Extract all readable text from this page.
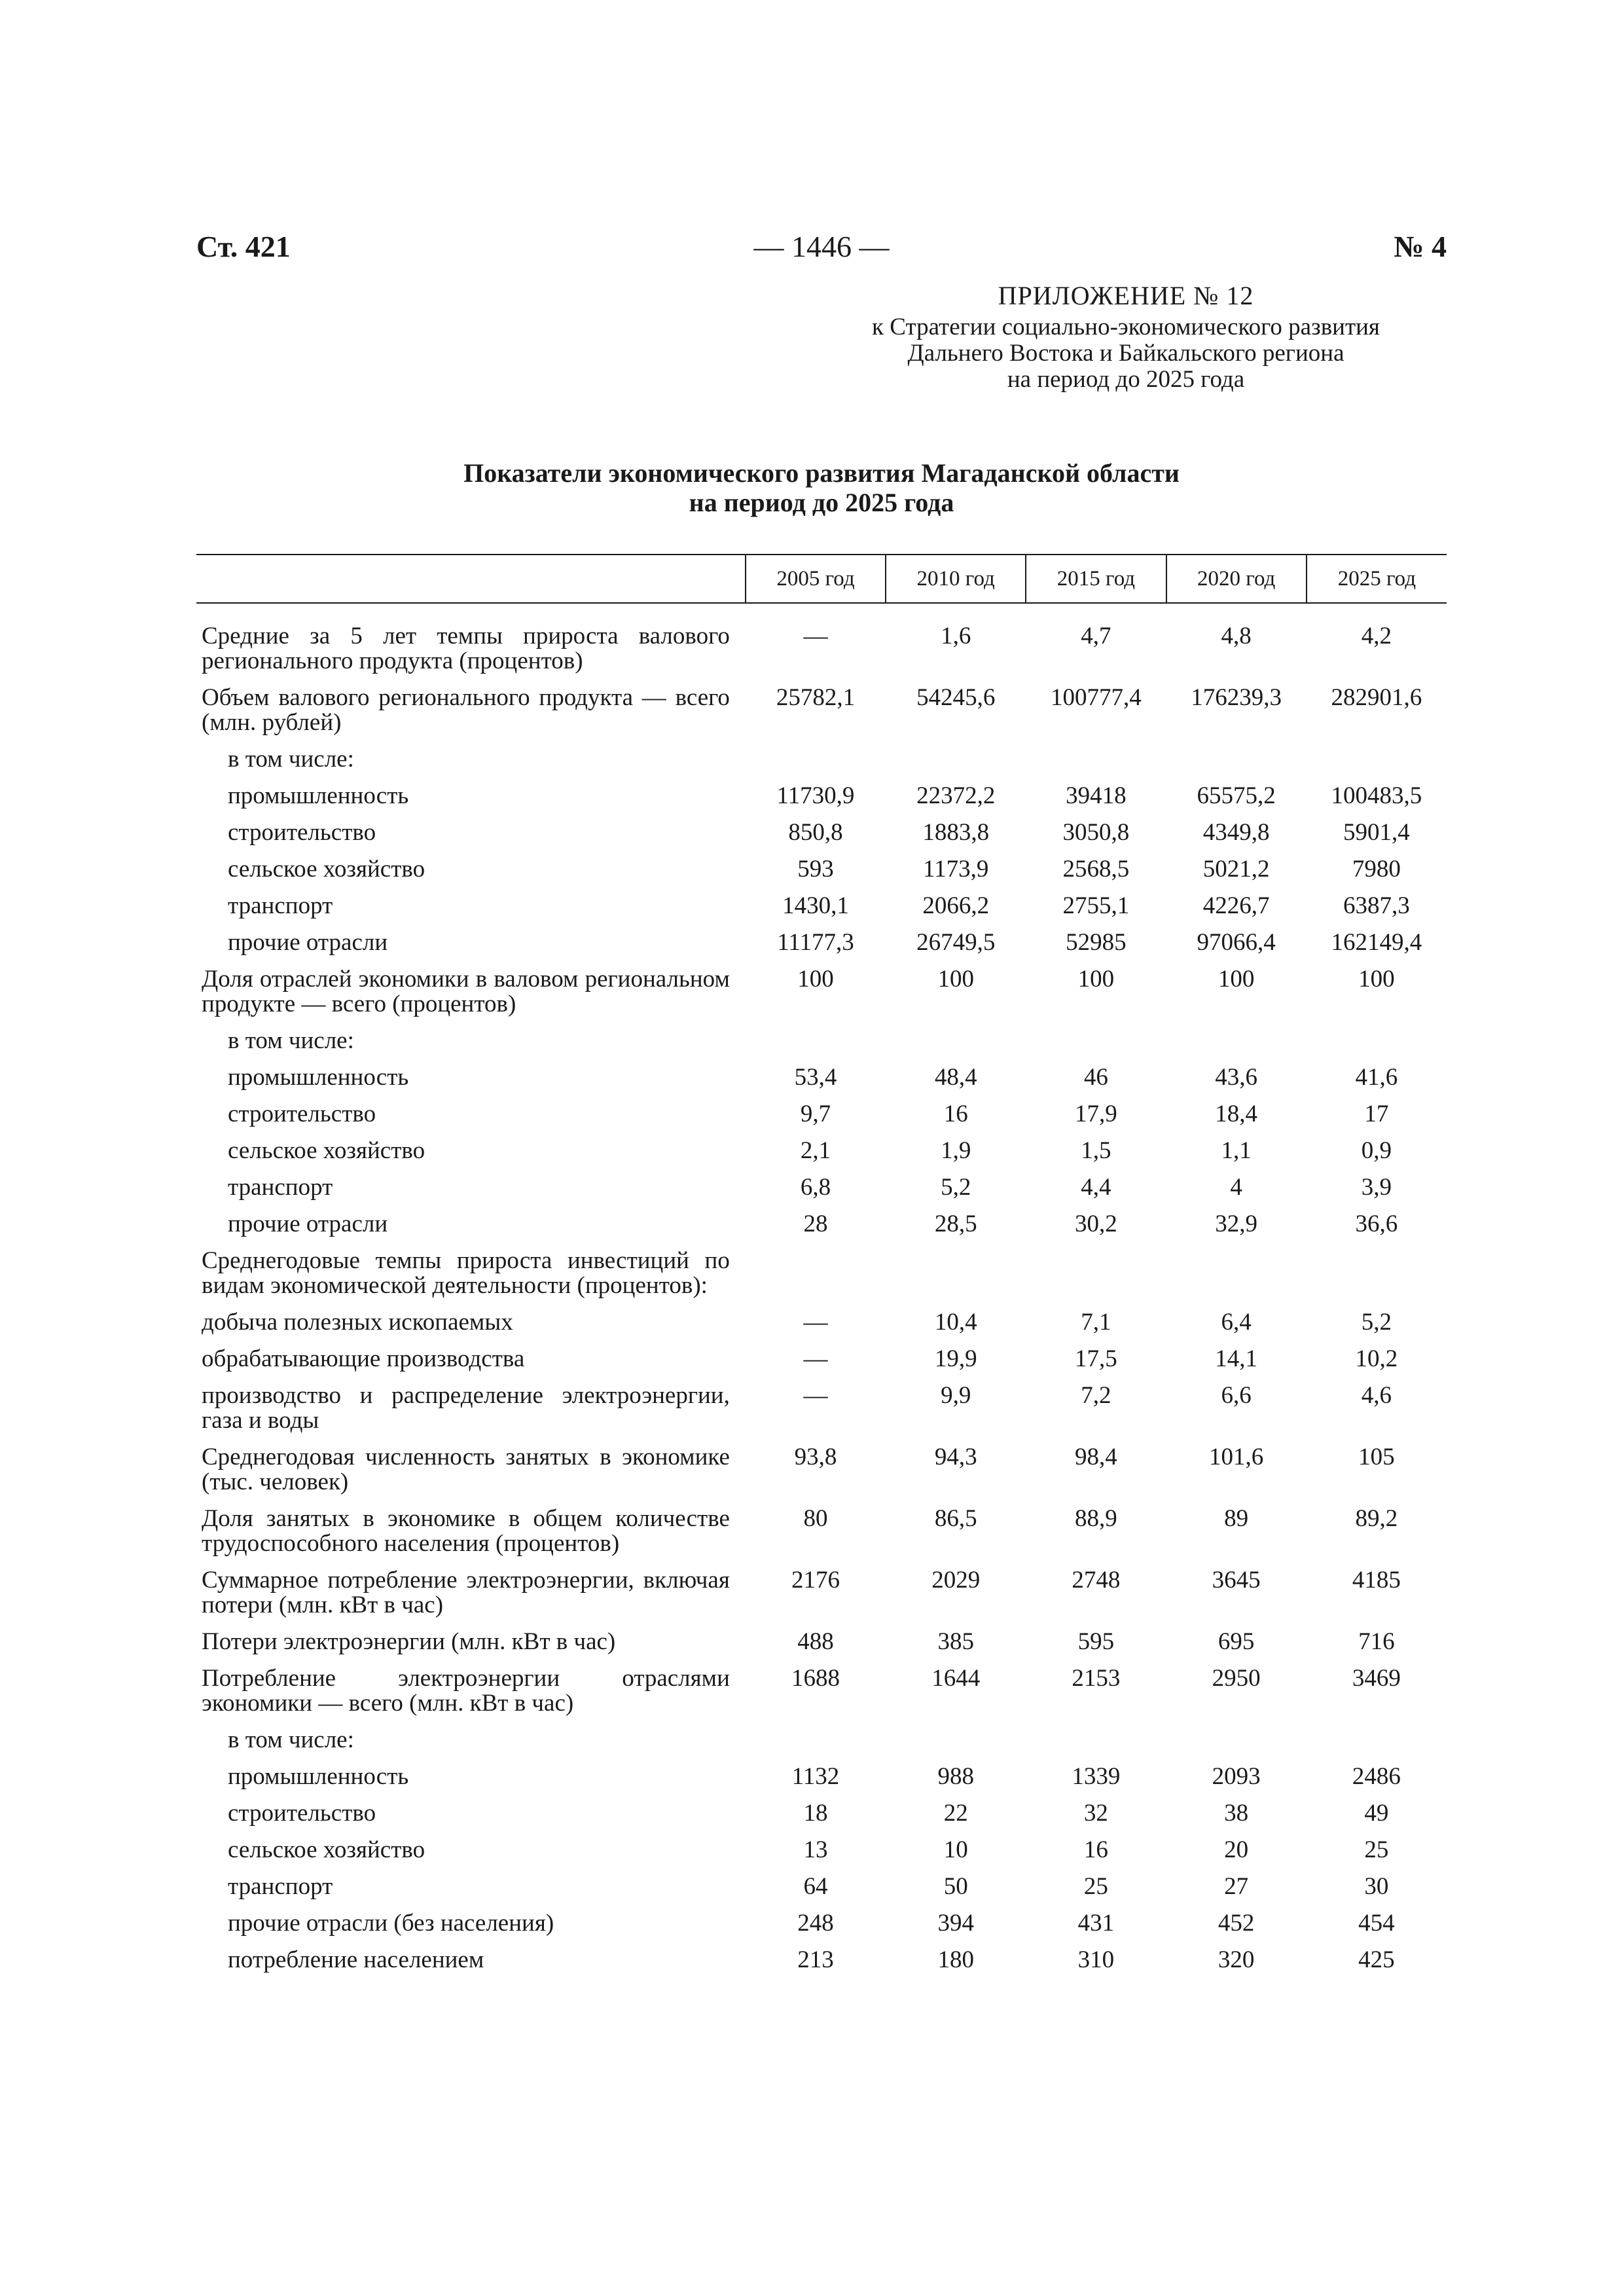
Ст. 421	— 1446 —	№ 4
ПРИЛОЖЕНИЕ № 12
к Стратегии социально-экономического развития
Дальнего Востока и Байкальского региона
на период до 2025 года
Показатели экономического развития Магаданской области
на период до 2025 года
	2005 год	2010 год	2015 год	2020 год	2025 год

Средние за 5 лет темпы прироста валового регионального продукта (процентов)	—	1,6	4,7	4,8	4,2
Объем валового регионального продукта — всего (млн. рублей)	25782,1	54245,6	100777,4	176239,3	282901,6
в том числе:					
промышленность	11730,9	22372,2	39418	65575,2	100483,5
строительство	850,8	1883,8	3050,8	4349,8	5901,4
сельское хозяйство	593	1173,9	2568,5	5021,2	7980
транспорт	1430,1	2066,2	2755,1	4226,7	6387,3
прочие отрасли	11177,3	26749,5	52985	97066,4	162149,4
Доля отраслей экономики в валовом региональном продукте — всего (процентов)	100	100	100	100	100
в том числе:					
промышленность	53,4	48,4	46	43,6	41,6
строительство	9,7	16	17,9	18,4	17
сельское хозяйство	2,1	1,9	1,5	1,1	0,9
транспорт	6,8	5,2	4,4	4	3,9
прочие отрасли	28	28,5	30,2	32,9	36,6
Среднегодовые темпы прироста инвестиций по видам экономической деятельности (процентов):					
добыча полезных ископаемых	—	10,4	7,1	6,4	5,2
обрабатывающие производства	—	19,9	17,5	14,1	10,2
производство и распределение электроэнергии, газа и воды	—	9,9	7,2	6,6	4,6
Среднегодовая численность занятых в экономике (тыс. человек)	93,8	94,3	98,4	101,6	105
Доля занятых в экономике в общем количестве трудоспособного населения (процентов)	80	86,5	88,9	89	89,2
Суммарное потребление электроэнергии, включая потери (млн. кВт в час)	2176	2029	2748	3645	4185
Потери электроэнергии (млн. кВт в час)	488	385	595	695	716
Потребление электроэнергии отраслями экономики — всего (млн. кВт в час)	1688	1644	2153	2950	3469
в том числе:					
промышленность	1132	988	1339	2093	2486
строительство	18	22	32	38	49
сельское хозяйство	13	10	16	20	25
транспорт	64	50	25	27	30
прочие отрасли (без населения)	248	394	431	452	454
потребление населением	213	180	310	320	425
